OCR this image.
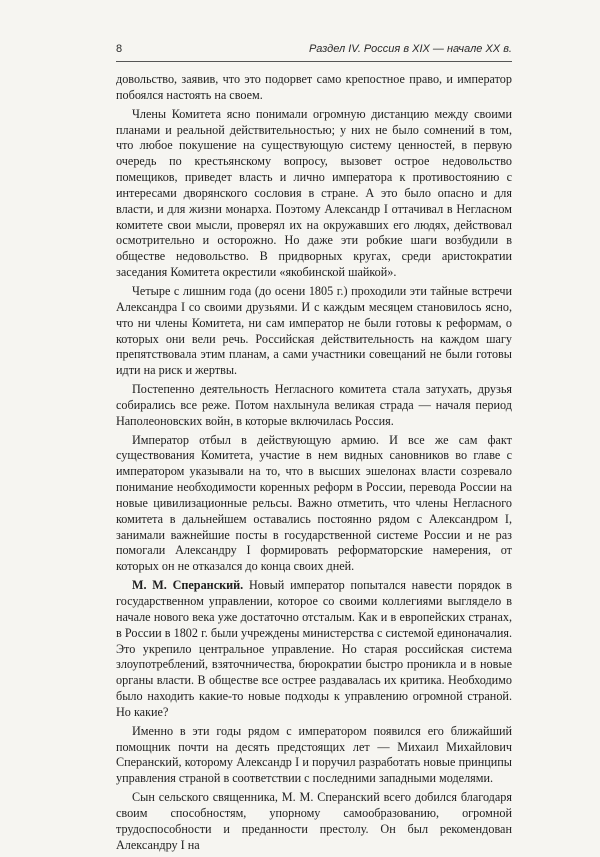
8	Раздел IV. Россия в XIX — начале XX в.

довольство, заявив, что это подорвет само крепостное право, и император побоялся настоять на своем.

Члены Комитета ясно понимали огромную дистанцию между своими планами и реальной действительностью; у них не было сомнений в том, что любое покушение на существующую систему ценностей, в первую очередь по крестьянскому вопросу, вызовет острое недовольство помещиков, приведет власть и лично императора к противостоянию с интересами дворянского сословия в стране. А это было опасно и для власти, и для жизни монарха. Поэтому Александр I оттачивал в Негласном комитете свои мысли, проверял их на окружавших его людях, действовал осмотрительно и осторожно. Но даже эти робкие шаги возбудили в обществе недовольство. В придворных кругах, среди аристократии заседания Комитета окрестили «якобинской шайкой».

Четыре с лишним года (до осени 1805 г.) проходили эти тайные встречи Александра I со своими друзьями. И с каждым месяцем становилось ясно, что ни члены Комитета, ни сам император не были готовы к реформам, о которых они вели речь. Российская действительность на каждом шагу препятствовала этим планам, а сами участники совещаний не были готовы идти на риск и жертвы.

Постепенно деятельность Негласного комитета стала затухать, друзья собирались все реже. Потом нахлынула великая страда — началя период Наполеоновских войн, в которые включилась Россия.

Император отбыл в действующую армию. И все же сам факт существования Комитета, участие в нем видных сановников во главе с императором указывали на то, что в высших эшелонах власти созревало понимание необходимости коренных реформ в России, перевода России на новые цивилизационные рельсы. Важно отметить, что члены Негласного комитета в дальнейшем оставались постоянно рядом с Александром I, занимали важнейшие посты в государственной системе России и не раз помогали Александру I формировать реформаторские намерения, от которых он не отказался до конца своих дней.

М. М. Сперанский. Новый император попытался навести порядок в государственном управлении, которое со своими коллегиями выглядело в начале нового века уже достаточно отсталым. Как и в европейских странах, в России в 1802 г. были учреждены министерства с системой единоначалия. Это укрепило центральное управление. Но старая российская система злоупотреблений, взяточничества, бюрократии быстро проникла и в новые органы власти. В обществе все острее раздавалась их критика. Необходимо было находить какие-то новые подходы к управлению огромной страной. Но какие?

Именно в эти годы рядом с императором появился его ближайший помощник почти на десять предстоящих лет — Михаил Михайлович Сперанский, которому Александр I и поручил разработать новые принципы управления страной в соответствии с последними западными моделями.

Сын сельского священника, М. М. Сперанский всего добился благодаря своим способностям, упорному самообразованию, огромной трудоспособности и преданности престолу. Он был рекомендован Александру I на
